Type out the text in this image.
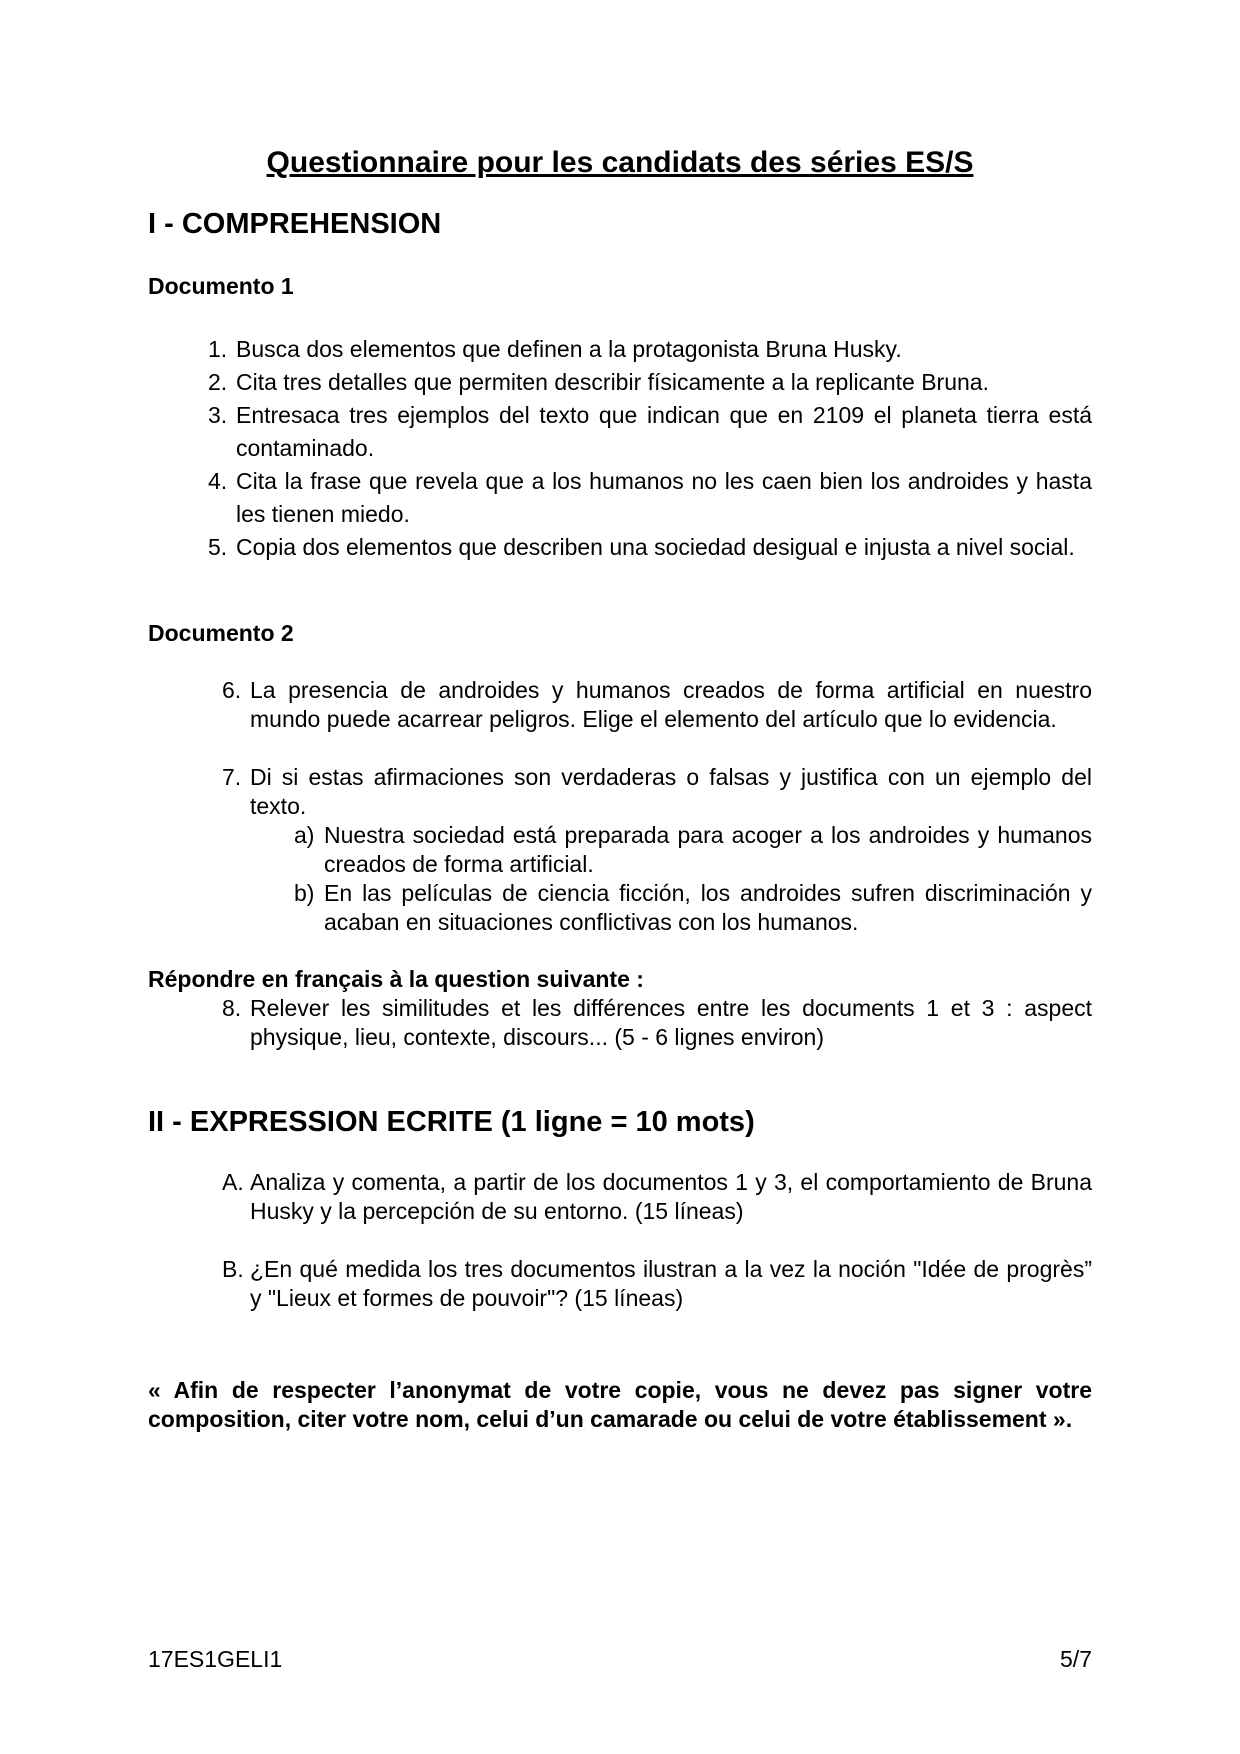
Questionnaire pour les candidats des séries ES/S
I - COMPREHENSION
Documento 1
1. Busca dos elementos que definen a la protagonista Bruna Husky.
2. Cita tres detalles que permiten describir físicamente a la replicante Bruna.
3. Entresaca tres ejemplos del texto que indican que en 2109 el planeta tierra está contaminado.
4. Cita la frase que revela que a los humanos no les caen bien los androides y hasta les tienen miedo.
5. Copia dos elementos que describen una sociedad desigual e injusta a nivel social.
Documento 2
6. La presencia de androides y humanos creados de forma artificial en nuestro mundo puede acarrear peligros. Elige el elemento del artículo que lo evidencia.
7. Di si estas afirmaciones son verdaderas o falsas y justifica con un ejemplo del texto.
a) Nuestra sociedad está preparada para acoger a los androides y humanos creados de forma artificial.
b) En las películas de ciencia ficción, los androides sufren discriminación y acaban en situaciones conflictivas con los humanos.
Répondre en français à la question suivante :
8. Relever les similitudes et les différences entre les documents 1 et 3 : aspect physique, lieu, contexte, discours... (5 - 6 lignes environ)
II - EXPRESSION ECRITE (1 ligne = 10 mots)
A. Analiza y comenta, a partir de los documentos 1 y 3, el comportamiento de Bruna Husky y la percepción de su entorno. (15 líneas)
B. ¿En qué medida los tres documentos ilustran a la vez la noción "Idée de progrès” y "Lieux et formes de pouvoir"? (15 líneas)
« Afin de respecter l’anonymat de votre copie, vous ne devez pas signer votre composition, citer votre nom, celui d’un camarade ou celui de votre établissement ».
17ES1GELI1	5/7
